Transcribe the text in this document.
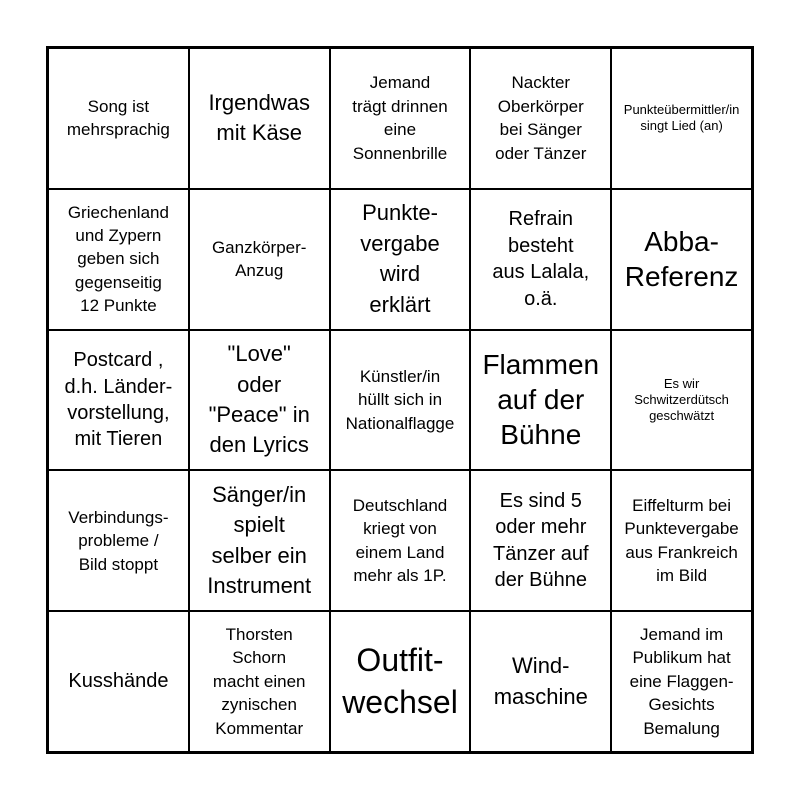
Song ist
mehrsprachig
Irgendwas
mit Käse
Jemand
trägt drinnen
eine
Sonnenbrille
Nackter
Oberkörper
bei Sänger
oder Tänzer
Punkteübermittler/in
singt Lied (an)
Griechenland
und Zypern
geben sich
gegenseitig
12 Punkte
Ganzkörper-
Anzug
Punkte-
vergabe
wird
erklärt
Refrain
besteht
aus Lalala,
o.ä.
Abba-
Referenz
Postcard ,
d.h. Länder-
vorstellung,
mit Tieren
"Love"
oder
"Peace" in
den Lyrics
Künstler/in
hüllt sich in
Nationalflagge
Flammen
auf der
Bühne
Es wir
Schwitzerdütsch
geschwätzt
Verbindungs-
probleme /
Bild stoppt
Sänger/in
spielt
selber ein
Instrument
Deutschland
kriegt von
einem Land
mehr als 1P.
Es sind 5
oder mehr
Tänzer auf
der Bühne
Eiffelturm bei
Punktevergabe
aus Frankreich
im Bild
Kusshände
Thorsten
Schorn
macht einen
zynischen
Kommentar
Outfit-
wechsel
Wind-
maschine
Jemand im
Publikum hat
eine Flaggen-
Gesichts
Bemalung
